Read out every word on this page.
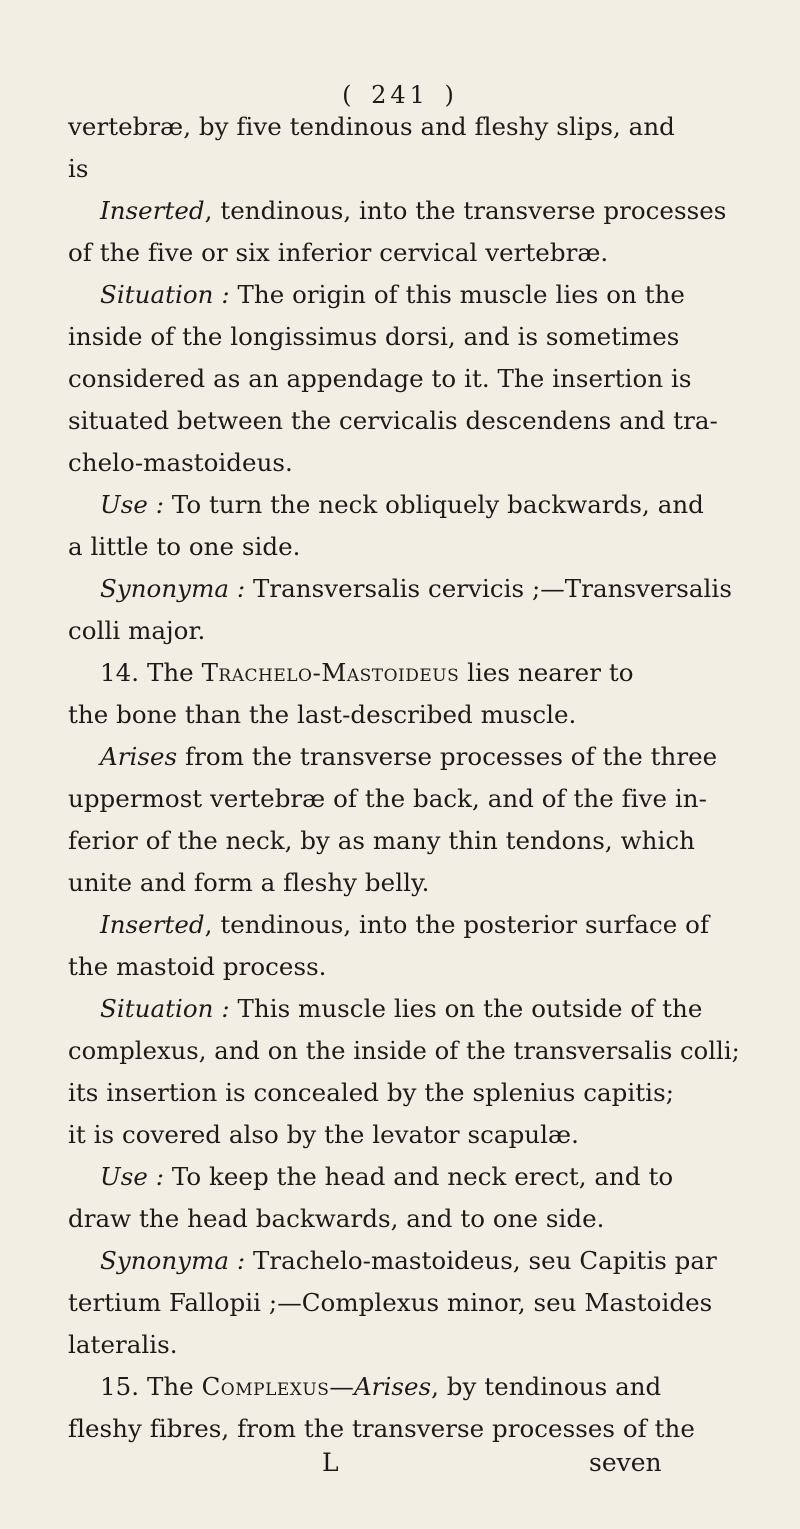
( 241 )
vertebræ, by five tendinous and fleshy slips, and
is
Inserted, tendinous, into the transverse processes
of the five or six inferior cervical vertebræ.
Situation : The origin of this muscle lies on the
inside of the longissimus dorsi, and is sometimes
considered as an appendage to it. The insertion is
situated between the cervicalis descendens and tra-
chelo-mastoideus.
Use : To turn the neck obliquely backwards, and
a little to one side.
Synonyma : Transversalis cervicis ;—Transversalis
colli major.
14. The Trachelo-Mastoideus lies nearer to
the bone than the last-described muscle.
Arises from the transverse processes of the three
uppermost vertebræ of the back, and of the five in-
ferior of the neck, by as many thin tendons, which
unite and form a fleshy belly.
Inserted, tendinous, into the posterior surface of
the mastoid process.
Situation : This muscle lies on the outside of the
complexus, and on the inside of the transversalis colli;
its insertion is concealed by the splenius capitis;
it is covered also by the levator scapulæ.
Use : To keep the head and neck erect, and to
draw the head backwards, and to one side.
Synonyma : Trachelo-mastoideus, seu Capitis par
tertium Fallopii ;—Complexus minor, seu Mastoides
lateralis.
15. The Complexus—Arises, by tendinous and
fleshy fibres, from the transverse processes of the
L	seven
